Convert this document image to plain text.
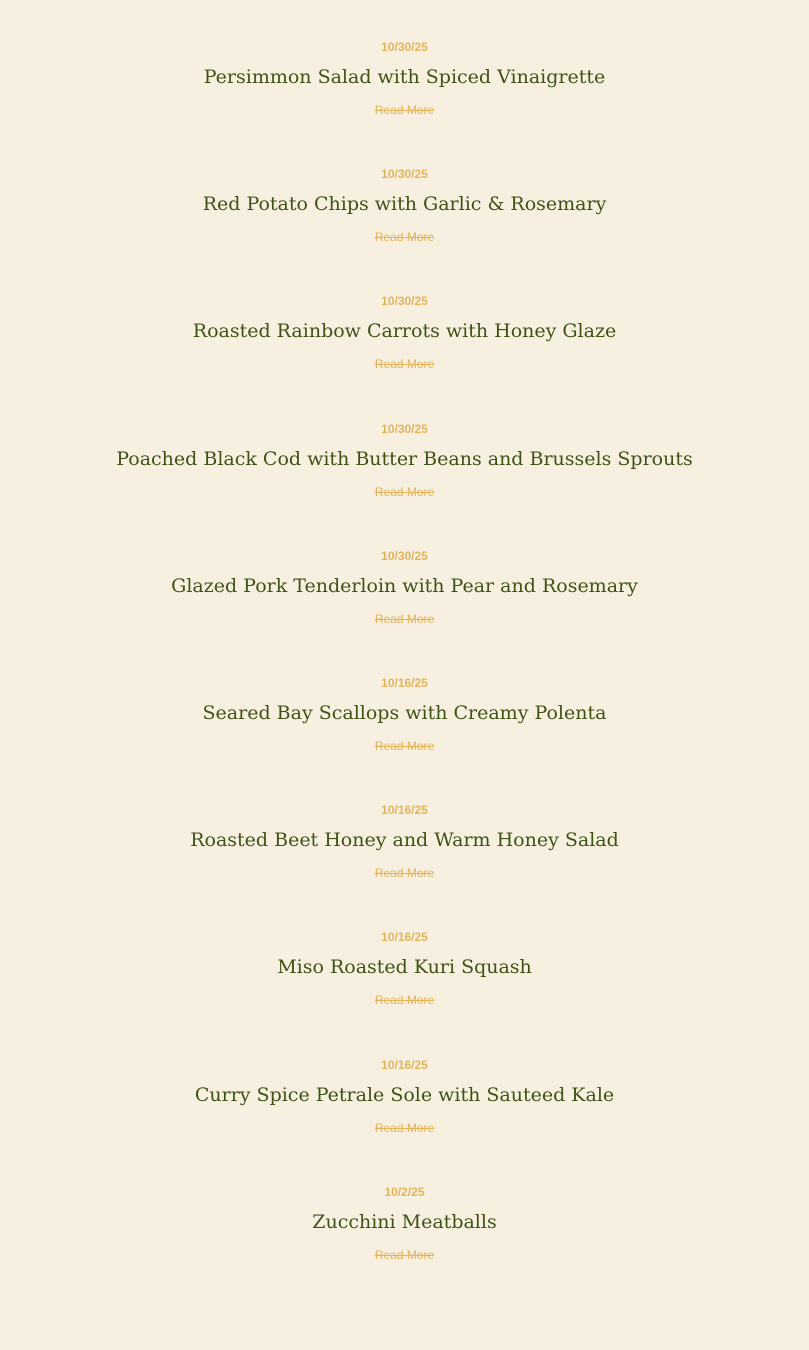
10/30/25
Persimmon Salad with Spiced Vinaigrette
Read More
10/30/25
Red Potato Chips with Garlic & Rosemary
Read More
10/30/25
Roasted Rainbow Carrots with Honey Glaze
Read More
10/30/25
Poached Black Cod with Butter Beans and Brussels Sprouts
Read More
10/30/25
Glazed Pork Tenderloin with Pear and Rosemary
Read More
10/16/25
Seared Bay Scallops with Creamy Polenta
Read More
10/16/25
Roasted Beet Honey and Warm Honey Salad
Read More
10/16/25
Miso Roasted Kuri Squash
Read More
10/16/25
Curry Spice Petrale Sole with Sauteed Kale
Read More
10/2/25
Zucchini Meatballs
Read More
